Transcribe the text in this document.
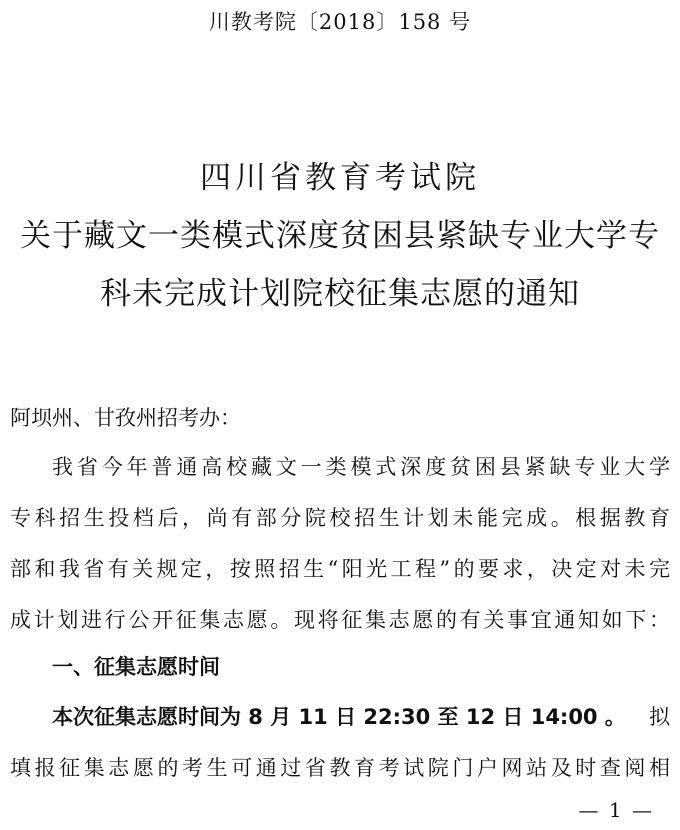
川教考院〔2018〕158 号
四川省教育考试院
关于藏文一类模式深度贫困县紧缺专业大学专
科未完成计划院校征集志愿的通知
阿坝州、甘孜州招考办：
我省今年普通高校藏文一类模式深度贫困县紧缺专业大学
专科招生投档后，尚有部分院校招生计划未能完成。根据教育
部和我省有关规定，按照招生“阳光工程”的要求，决定对未完
成计划进行公开征集志愿。现将征集志愿的有关事宜通知如下：
一、征集志愿时间
本次征集志愿时间为 8 月 11 日 22:30 至 12 日 14:00 。 拟
填报征集志愿的考生可通过省教育考试院门户网站及时查阅相
— 1 —
